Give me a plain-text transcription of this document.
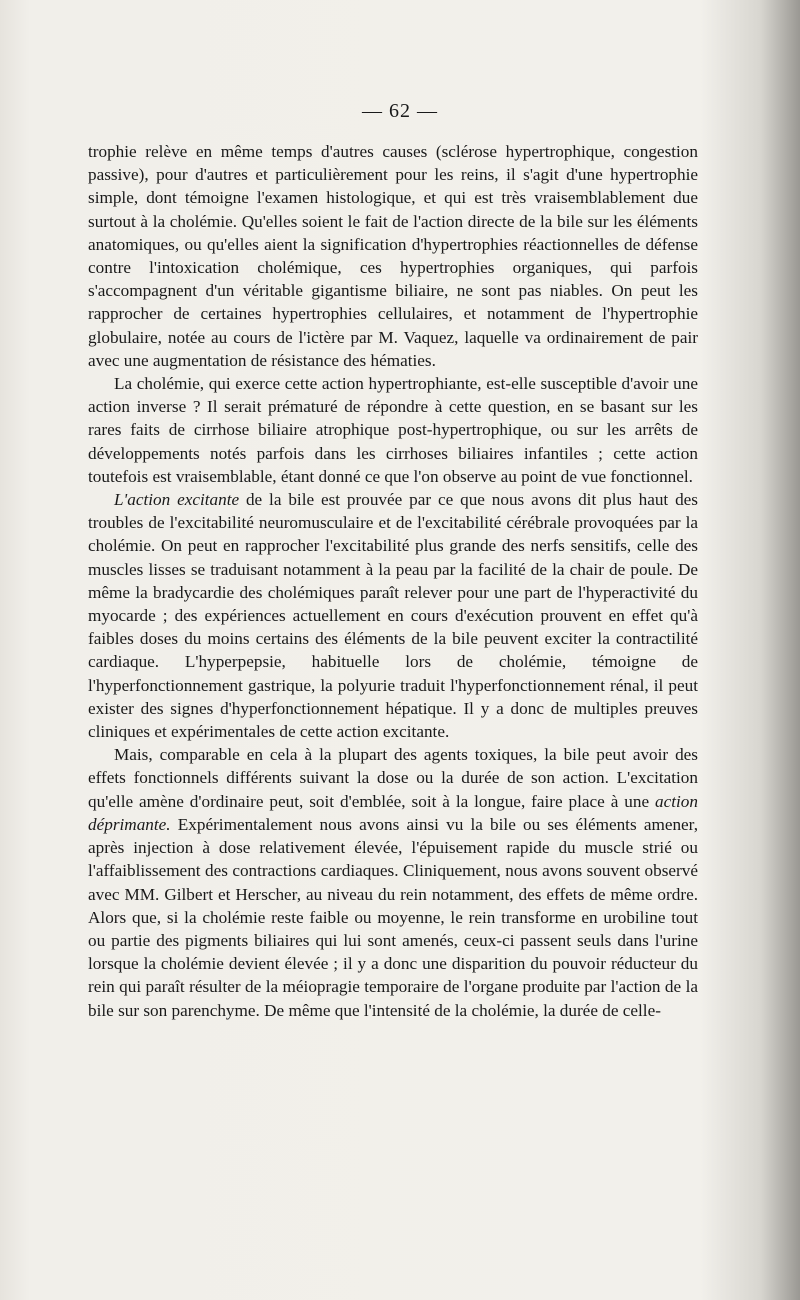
— 62 —

trophie relève en même temps d'autres causes (sclérose hypertrophique, congestion passive), pour d'autres et particulièrement pour les reins, il s'agit d'une hypertrophie simple, dont témoigne l'examen histologique, et qui est très vraisemblablement due surtout à la cholémie. Qu'elles soient le fait de l'action directe de la bile sur les éléments anatomiques, ou qu'elles aient la signification d'hypertrophies réactionnelles de défense contre l'intoxication cholémique, ces hypertrophies organiques, qui parfois s'accompagnent d'un véritable gigantisme biliaire, ne sont pas niables. On peut les rapprocher de certaines hypertrophies cellulaires, et notamment de l'hypertrophie globulaire, notée au cours de l'ictère par M. Vaquez, laquelle va ordinairement de pair avec une augmentation de résistance des hématies.

La cholémie, qui exerce cette action hypertrophiante, est-elle susceptible d'avoir une action inverse ? Il serait prématuré de répondre à cette question, en se basant sur les rares faits de cirrhose biliaire atrophique post-hypertrophique, ou sur les arrêts de développements notés parfois dans les cirrhoses biliaires infantiles ; cette action toutefois est vraisemblable, étant donné ce que l'on observe au point de vue fonctionnel.

L'action excitante de la bile est prouvée par ce que nous avons dit plus haut des troubles de l'excitabilité neuromusculaire et de l'excitabilité cérébrale provoquées par la cholémie. On peut en rapprocher l'excitabilité plus grande des nerfs sensitifs, celle des muscles lisses se traduisant notamment à la peau par la facilité de la chair de poule. De même la bradycardie des cholémiques paraît relever pour une part de l'hyperactivité du myocarde ; des expériences actuellement en cours d'exécution prouvent en effet qu'à faibles doses du moins certains des éléments de la bile peuvent exciter la contractilité cardiaque. L'hyperpepsie, habituelle lors de cholémie, témoigne de l'hyperfonctionnement gastrique, la polyurie traduit l'hyperfonctionnement rénal, il peut exister des signes d'hyperfonctionnement hépatique. Il y a donc de multiples preuves cliniques et expérimentales de cette action excitante.

Mais, comparable en cela à la plupart des agents toxiques, la bile peut avoir des effets fonctionnels différents suivant la dose ou la durée de son action. L'excitation qu'elle amène d'ordinaire peut, soit d'emblée, soit à la longue, faire place à une action déprimante. Expérimentalement nous avons ainsi vu la bile ou ses éléments amener, après injection à dose relativement élevée, l'épuisement rapide du muscle strié ou l'affaiblissement des contractions cardiaques. Cliniquement, nous avons souvent observé avec MM. Gilbert et Herscher, au niveau du rein notamment, des effets de même ordre. Alors que, si la cholémie reste faible ou moyenne, le rein transforme en urobiline tout ou partie des pigments biliaires qui lui sont amenés, ceux-ci passent seuls dans l'urine lorsque la cholémie devient élevée ; il y a donc une disparition du pouvoir réducteur du rein qui paraît résulter de la méiopragie temporaire de l'organe produite par l'action de la bile sur son parenchyme. De même que l'intensité de la cholémie, la durée de celle-
